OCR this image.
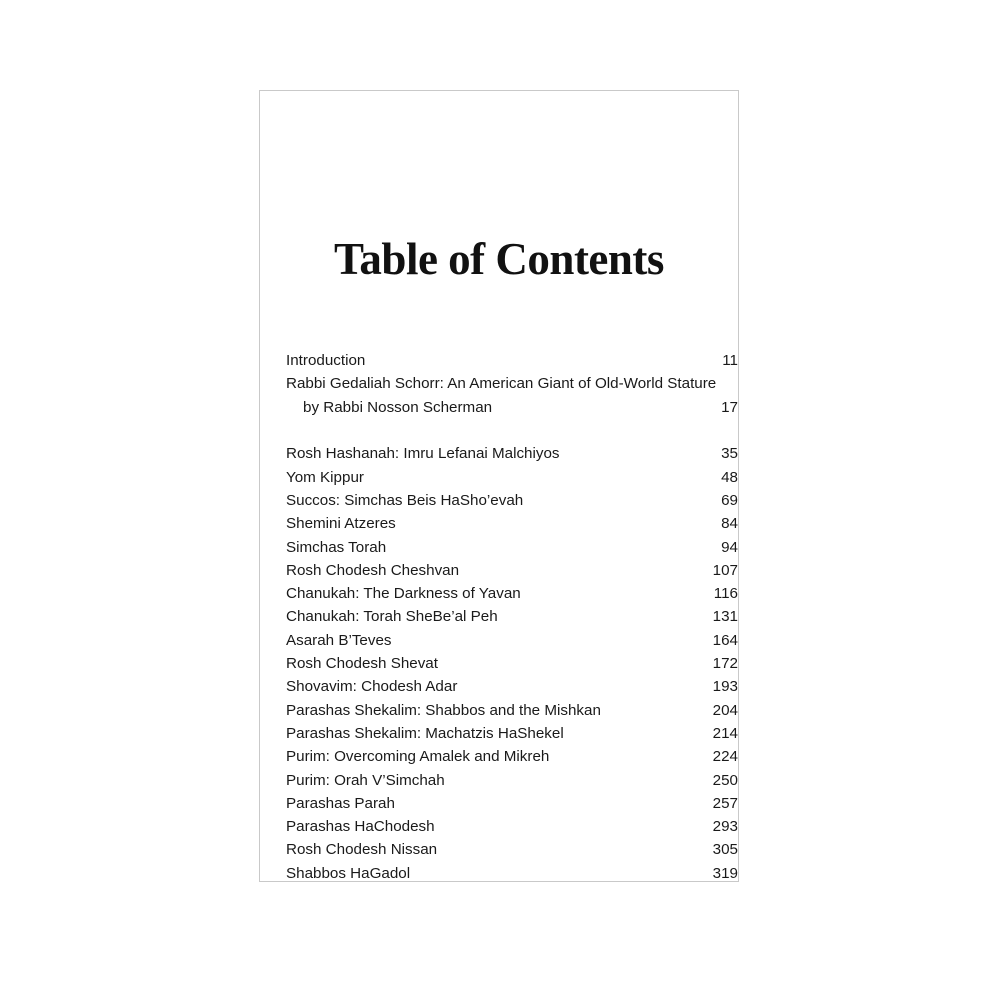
Table of Contents
Introduction	11
Rabbi Gedaliah Schorr: An American Giant of Old-World Stature
by Rabbi Nosson Scherman	17
Rosh Hashanah: Imru Lefanai Malchiyos	35
Yom Kippur	48
Succos: Simchas Beis HaSho’evah	69
Shemini Atzeres	84
Simchas Torah	94
Rosh Chodesh Cheshvan	107
Chanukah: The Darkness of Yavan	116
Chanukah: Torah SheBe’al Peh	131
Asarah B’Teves	164
Rosh Chodesh Shevat	172
Shovavim: Chodesh Adar	193
Parashas Shekalim: Shabbos and the Mishkan	204
Parashas Shekalim: Machatzis HaShekel	214
Purim: Overcoming Amalek and Mikreh	224
Purim: Orah V’Simchah	250
Parashas Parah	257
Parashas HaChodesh	293
Rosh Chodesh Nissan	305
Shabbos HaGadol	319
